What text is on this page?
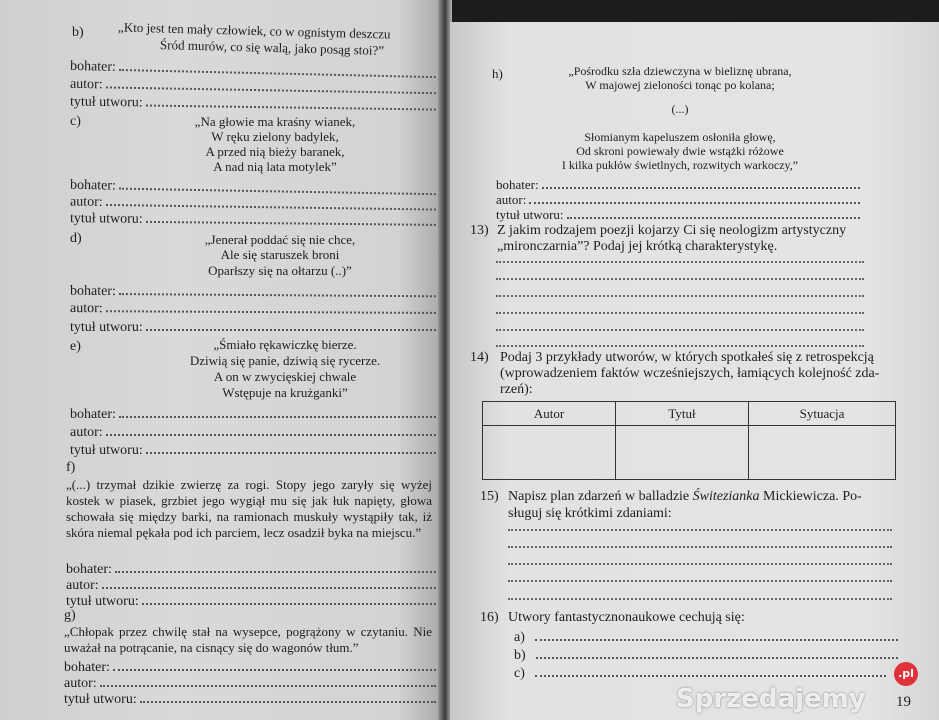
b)	„Kto jest ten mały człowiek, co w ognistym deszczu
Śród murów, co się walą, jako posąg stoi?”
bohater:
autor:
tytuł utworu:
c)	„Na głowie ma kraśny wianek,
W ręku zielony badylek,
A przed nią bieży baranek,
A nad nią lata motylek”
bohater:
autor:
tytuł utworu:
d)	„Jenerał poddać się nie chce,
Ale się staruszek broni
Oparłszy się na ołtarzu (..)”
bohater:
autor:
tytuł utworu:
e)	„Śmiało rękawiczkę bierze.
Dziwią się panie, dziwią się rycerze.
A on w zwycięskiej chwale
Wstępuje na krużganki”
bohater:
autor:
tytuł utworu:
f)
„(...) trzymał dzikie zwierzę za rogi. Stopy jego zaryły się wyżej kostek w piasek, grzbiet jego wygiął mu się jak łuk napięty, głowa schowała się między barki, na ramionach muskuły wystąpiły tak, iż skóra niemal pękała pod ich parciem, lecz osadził byka na miejscu.”
bohater:
autor:
tytuł utworu:
g)
„Chłopak przez chwilę stał na wysepce, pogrążony w czytaniu. Nie uważał na potrącanie, na cisnący się do wagonów tłum.”
bohater:
autor:
tytuł utworu:
h)	„Pośrodku szła dziewczyna w bieliznę ubrana,
W majowej zieloności tonąc po kolana;
(...)
Słomianym kapeluszem osłoniła głowę,
Od skroni powiewały dwie wstążki różowe
I kilka pukłów świetlnych, rozwitych warkoczy,”
bohater:
autor:
tytuł utworu:
13) Z jakim rodzajem poezji kojarzy Ci się neologizm artystyczny
„mironczarnia”? Podaj jej krótką charakterystykę.
14) Podaj 3 przykłady utworów, w których spotkałeś się z retrospekcją
(wprowadzeniem faktów wcześniejszych, łamiących kolejność zda-
rzeń):
Autor	Tytuł	Sytuacja

15) Napisz plan zdarzeń w balladzie Świtezianka Mickiewicza. Po-
sługuj się krótkimi zdaniami:
16) Utwory fantastycznonaukowe cechują się:
a)
b)
c)
Sprzedajemy
.pl
19
